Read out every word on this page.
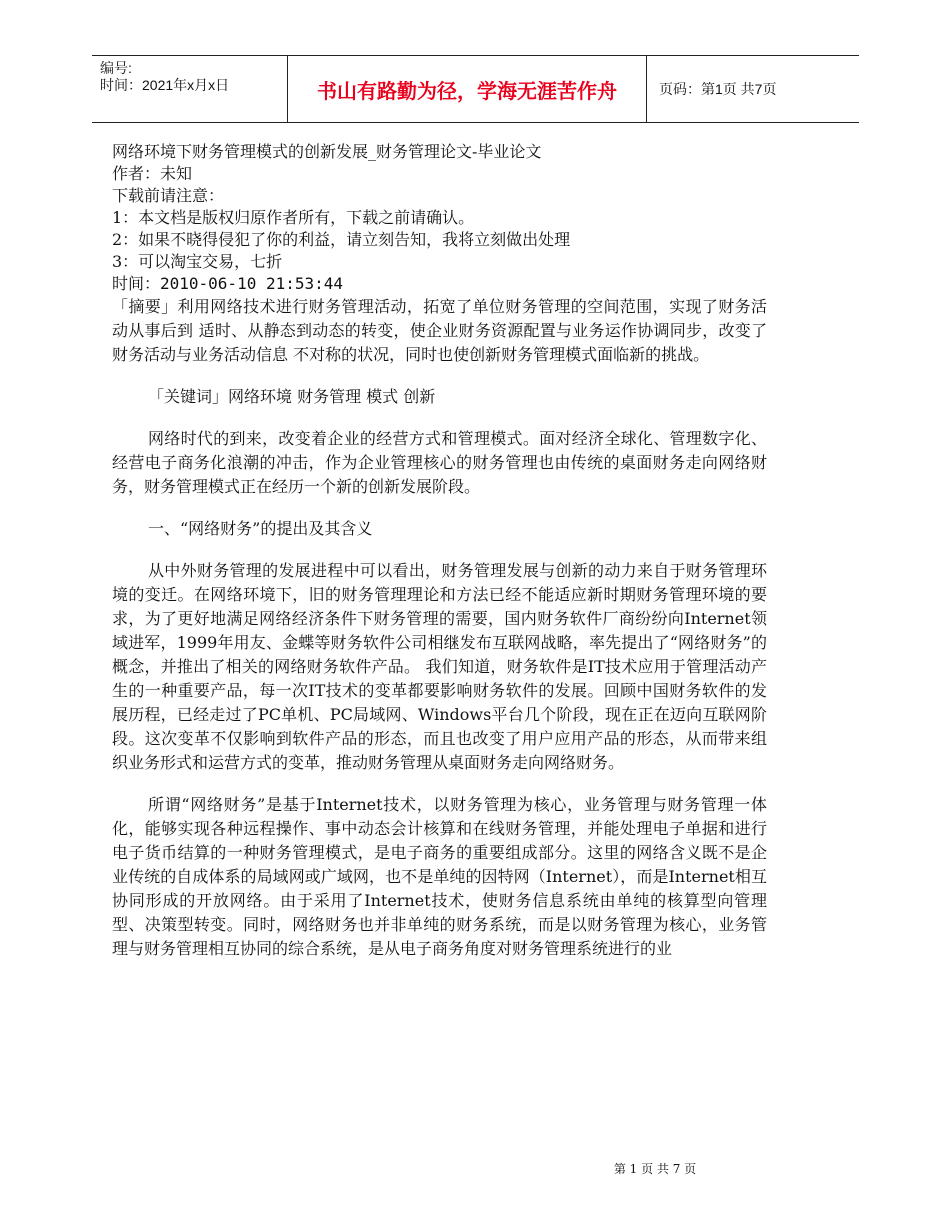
编号:
时间：2021年x月x日	书山有路勤为径，学海无涯苦作舟	页码：第1页 共7页
网络环境下财务管理模式的创新发展_财务管理论文-毕业论文
作者：未知
下载前请注意：
1：本文档是版权归原作者所有，下载之前请确认。
2：如果不晓得侵犯了你的利益，请立刻告知，我将立刻做出处理
3：可以淘宝交易，七折
时间：2010-06-10 21:53:44

「摘要」利用网络技术进行财务管理活动，拓宽了单位财务管理的空间范围，实现了财务活动从事后到 适时、从静态到动态的转变，使企业财务资源配置与业务运作协调同步，改变了财务活动与业务活动信息 不对称的状况，同时也使创新财务管理模式面临新的挑战。

「关键词」网络环境 财务管理 模式 创新

网络时代的到来，改变着企业的经营方式和管理模式。面对经济全球化、管理数字化、经营电子商务化浪潮的冲击，作为企业管理核心的财务管理也由传统的桌面财务走向网络财务，财务管理模式正在经历一个新的创新发展阶段。

一、“网络财务”的提出及其含义

从中外财务管理的发展进程中可以看出，财务管理发展与创新的动力来自于财务管理环境的变迁。在网络环境下，旧的财务管理理论和方法已经不能适应新时期财务管理环境的要求，为了更好地满足网络经济条件下财务管理的需要，国内财务软件厂商纷纷向Internet领域进军，1999年用友、金蝶等财务软件公司相继发布互联网战略，率先提出了“网络财务”的概念，并推出了相关的网络财务软件产品。 我们知道，财务软件是IT技术应用于管理活动产生的一种重要产品，每一次IT技术的变革都要影响财务软件的发展。回顾中国财务软件的发展历程，已经走过了PC单机、PC局域网、Windows平台几个阶段，现在正在迈向互联网阶段。这次变革不仅影响到软件产品的形态，而且也改变了用户应用产品的形态，从而带来组织业务形式和运营方式的变革，推动财务管理从桌面财务走向网络财务。

所谓“网络财务”是基于Internet技术，以财务管理为核心，业务管理与财务管理一体化，能够实现各种远程操作、事中动态会计核算和在线财务管理，并能处理电子单据和进行电子货币结算的一种财务管理模式，是电子商务的重要组成部分。这里的网络含义既不是企业传统的自成体系的局域网或广域网，也不是单纯的因特网（Internet），而是Internet相互协同形成的开放网络。由于采用了Internet技术，使财务信息系统由单纯的核算型向管理型、决策型转变。同时，网络财务也并非单纯的财务系统，而是以财务管理为核心，业务管理与财务管理相互协同的综合系统，是从电子商务角度对财务管理系统进行的业

第 1 页 共 7 页
